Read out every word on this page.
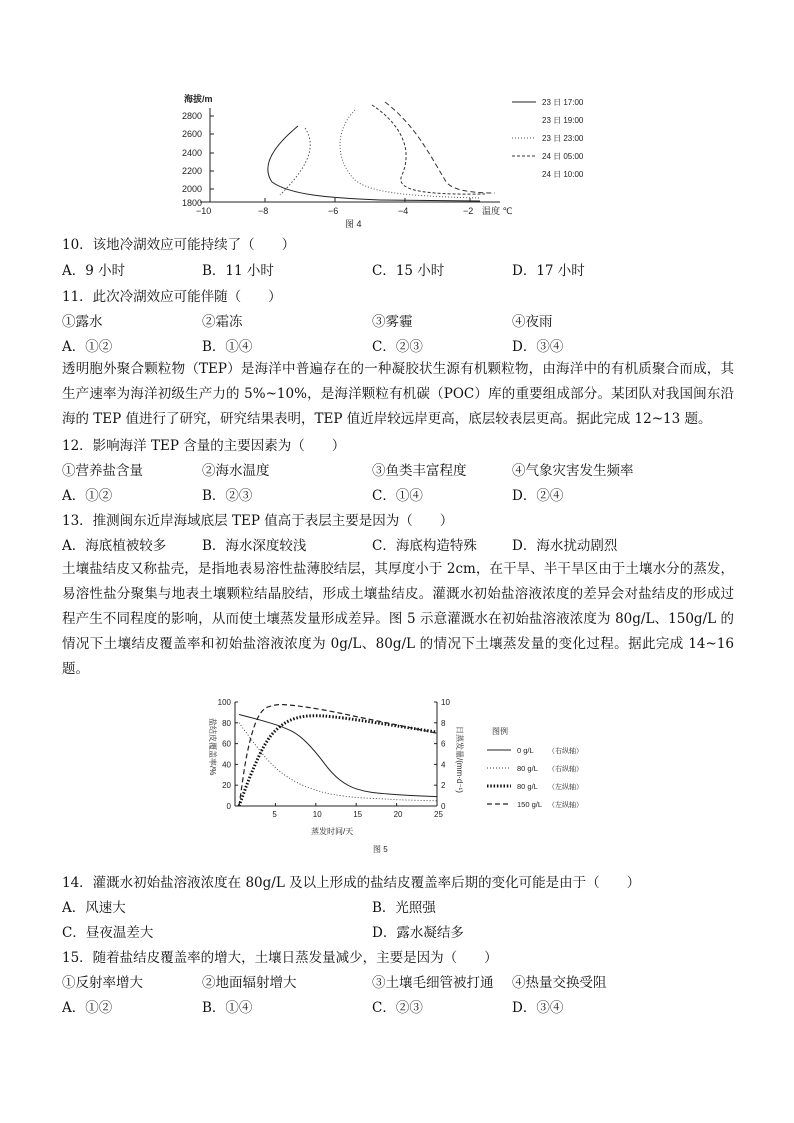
海拔/m
2800
2600
2400
2200
2000
1800
−10	−8	−6	−4	−2 温度 ℃
图 4
23 日 17:00
23 日 19:00
23 日 23:00
24 日 05:00
24 日 10:00
10．该地冷湖效应可能持续了（　　）
A．9 小时	B．11 小时	C．15 小时	D．17 小时
11．此次冷湖效应可能伴随（　　）
①露水	②霜冻	③雾霾	④夜雨
A．①②	B．①④	C．②③	D．③④
透明胞外聚合颗粒物（TEP）是海洋中普遍存在的一种凝胶状生源有机颗粒物，由海洋中的有机质聚合而成，其生产速率为海洋初级生产力的 5%~10%，是海洋颗粒有机碳（POC）库的重要组成部分。某团队对我国闽东沿海的 TEP 值进行了研究，研究结果表明，TEP 值近岸较远岸更高，底层较表层更高。据此完成 12~13 题。
12．影响海洋 TEP 含量的主要因素为（　　）
①营养盐含量	②海水温度	③鱼类丰富程度	④气象灾害发生频率
A．①②	B．②③	C．①④	D．②④
13．推测闽东近岸海域底层 TEP 值高于表层主要是因为（　　）
A．海底植被较多	B．海水深度较浅	C．海底构造特殊	D．海水扰动剧烈
土壤盐结皮又称盐壳，是指地表易溶性盐薄胶结层，其厚度小于 2cm，在干旱、半干旱区由于土壤水分的蒸发，易溶性盐分聚集与地表土壤颗粒结晶胶结，形成土壤盐结皮。灌溉水初始盐溶液浓度的差异会对盐结皮的形成过程产生不同程度的影响，从而使土壤蒸发量形成差异。图 5 示意灌溉水在初始盐溶液浓度为 80g/L、150g/L 的情况下土壤结皮覆盖率和初始盐溶液浓度为 0g/L、80g/L 的情况下土壤蒸发量的变化过程。据此完成 14~16 题。
盐结皮覆盖率/%	日蒸发量/(mm·d⁻¹)
蒸发时间/天
图 5
5	10	15	20	25
0
20
40
60
80
100
0
2
4
6
8
10
图例
0 g/L （右纵轴）
80 g/L （右纵轴）
80 g/L （左纵轴）
150 g/L （左纵轴）
14．灌溉水初始盐溶液浓度在 80g/L 及以上形成的盐结皮覆盖率后期的变化可能是由于（　　）
A．风速大	B．光照强
C．昼夜温差大	D．露水凝结多
15．随着盐结皮覆盖率的增大，土壤日蒸发量减少，主要是因为（　　）
①反射率增大	②地面辐射增大	③土壤毛细管被打通 ④热量交换受阻
A．①②	B．①④	C．②③	D．③④
